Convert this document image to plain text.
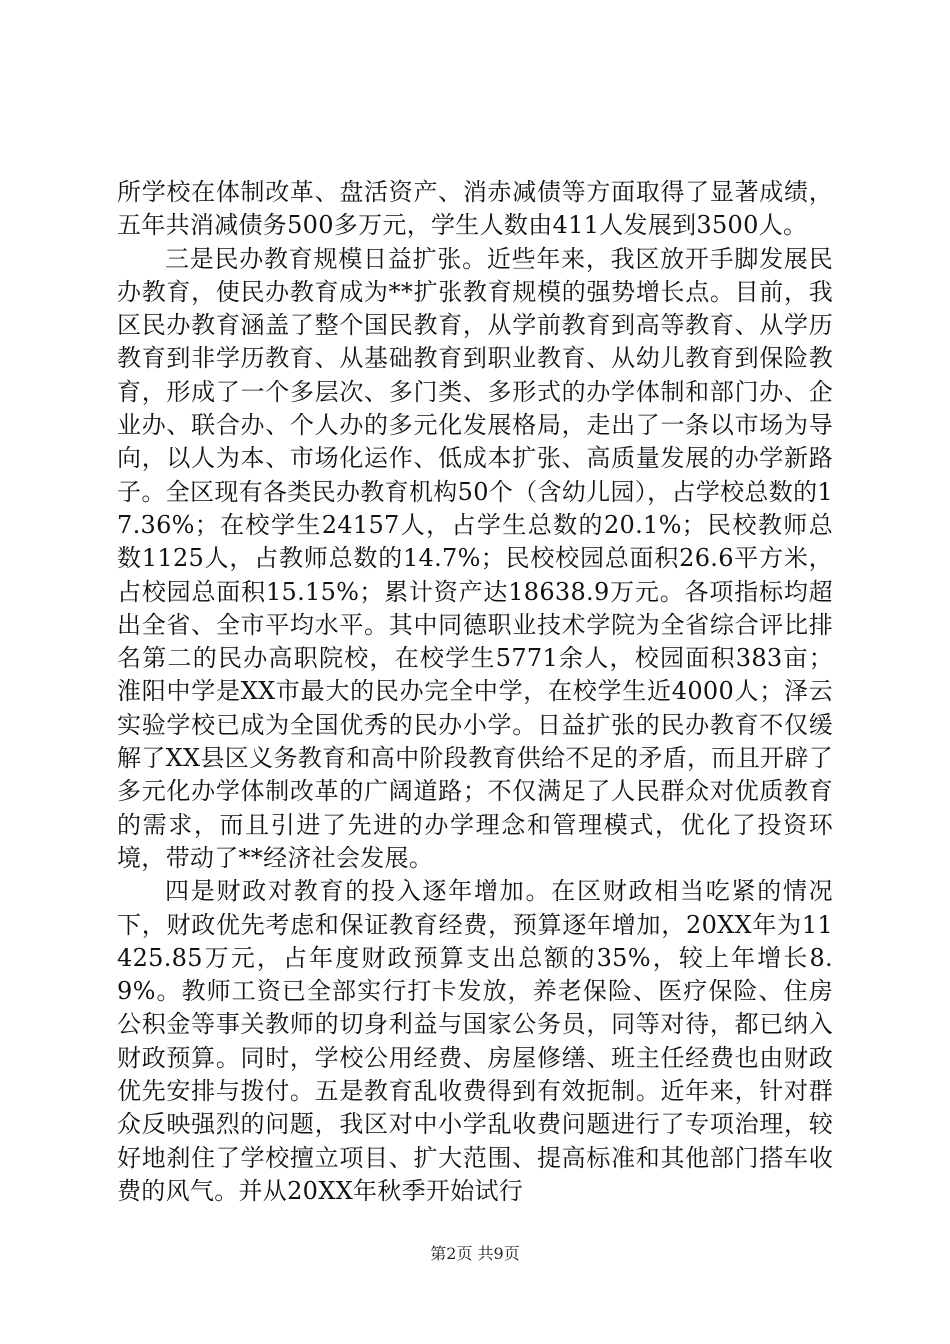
所学校在体制改革、盘活资产、消赤减债等方面取得了显著成绩，五年共消减债务500多万元，学生人数由411人发展到3500人。

三是民办教育规模日益扩张。近些年来，我区放开手脚发展民办教育，使民办教育成为**扩张教育规模的强势增长点。目前，我区民办教育涵盖了整个国民教育，从学前教育到高等教育、从学历教育到非学历教育、从基础教育到职业教育、从幼儿教育到保险教育，形成了一个多层次、多门类、多形式的办学体制和部门办、企业办、联合办、个人办的多元化发展格局，走出了一条以市场为导向，以人为本、市场化运作、低成本扩张、高质量发展的办学新路子。全区现有各类民办教育机构50个（含幼儿园），占学校总数的17.36%；在校学生24157人，占学生总数的20.1%；民校教师总数1125人，占教师总数的14.7%；民校校园总面积26.6平方米，占校园总面积15.15%；累计资产达18638.9万元。各项指标均超出全省、全市平均水平。其中同德职业技术学院为全省综合评比排名第二的民办高职院校，在校学生5771余人，校园面积383亩；淮阳中学是XX市最大的民办完全中学，在校学生近4000人；泽云实验学校已成为全国优秀的民办小学。日益扩张的民办教育不仅缓解了XX县区义务教育和高中阶段教育供给不足的矛盾，而且开辟了多元化办学体制改革的广阔道路；不仅满足了人民群众对优质教育的需求，而且引进了先进的办学理念和管理模式，优化了投资环境，带动了**经济社会发展。

四是财政对教育的投入逐年增加。在区财政相当吃紧的情况下，财政优先考虑和保证教育经费，预算逐年增加，20XX年为11425.85万元，占年度财政预算支出总额的35%，较上年增长8.9%。教师工资已全部实行打卡发放，养老保险、医疗保险、住房公积金等事关教师的切身利益与国家公务员，同等对待，都已纳入财政预算。同时，学校公用经费、房屋修缮、班主任经费也由财政优先安排与拨付。五是教育乱收费得到有效扼制。近年来，针对群众反映强烈的问题，我区对中小学乱收费问题进行了专项治理，较好地刹住了学校擅立项目、扩大范围、提高标准和其他部门搭车收费的风气。并从20XX年秋季开始试行

第2页 共9页
